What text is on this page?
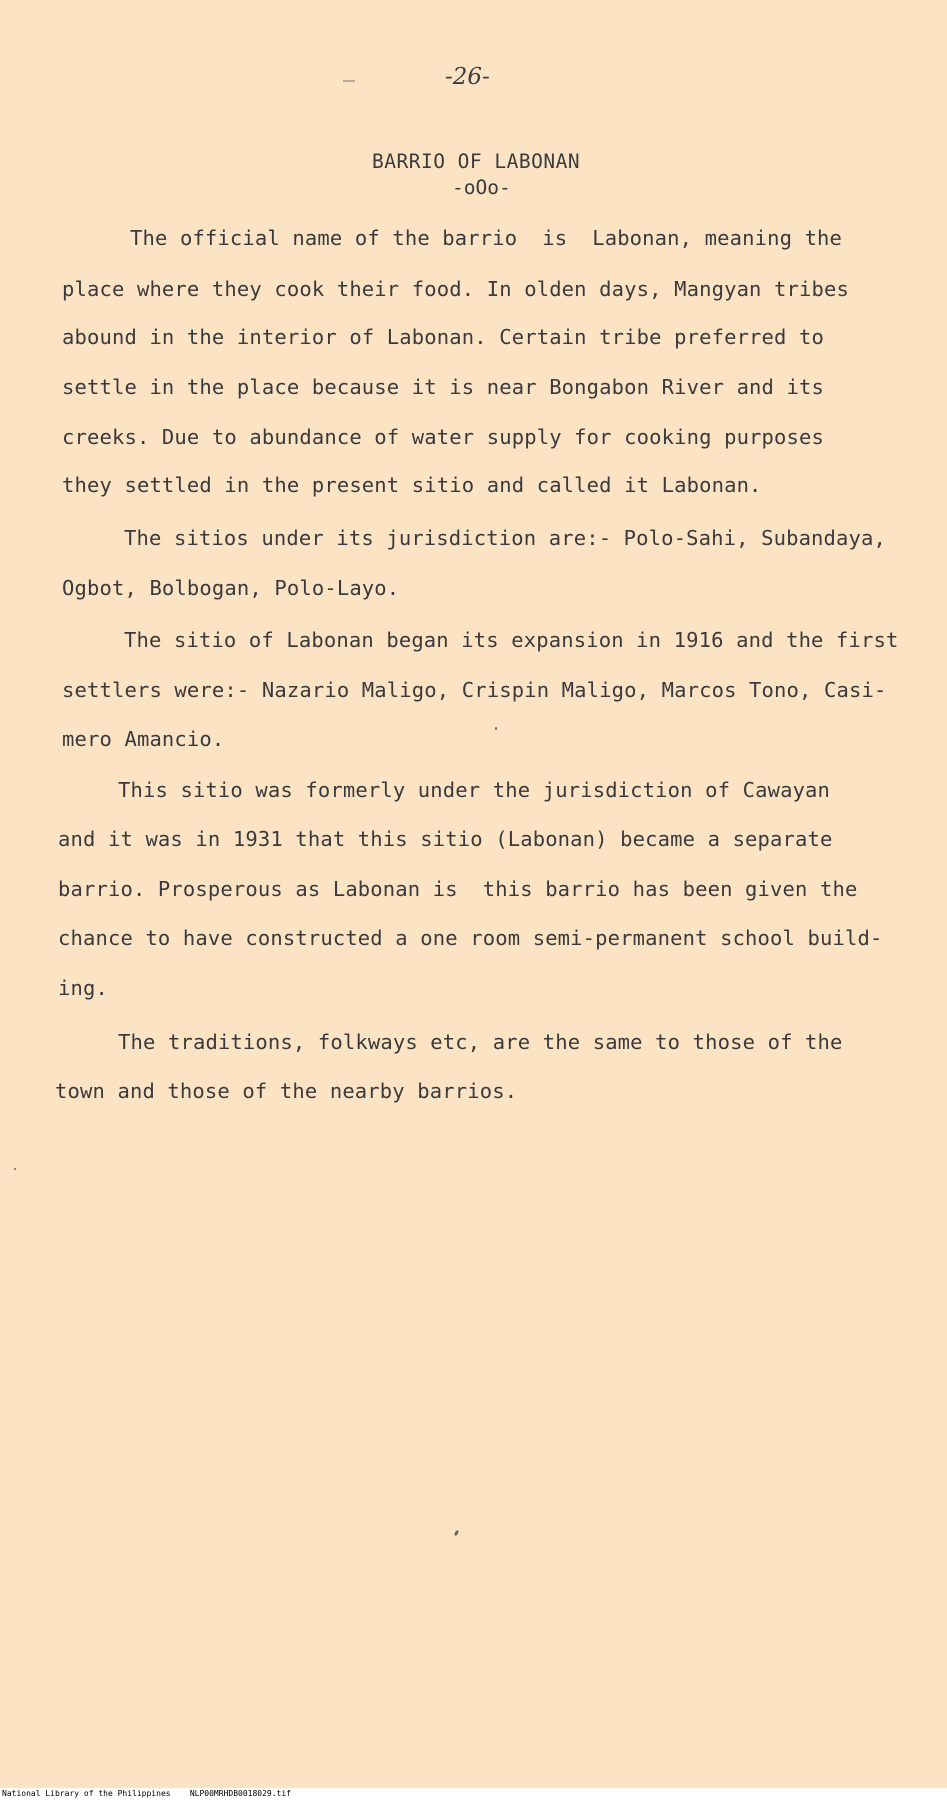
-26-
BARRIO OF LABONAN
-oOo-
The official name of the barrio  is  Labonan, meaning the
place where they cook their food. In olden days, Mangyan tribes
abound in the interior of Labonan. Certain tribe preferred to
settle in the place because it is near Bongabon River and its
creeks. Due to abundance of water supply for cooking purposes
they settled in the present sitio and called it Labonan.
The sitios under its jurisdiction are:- Polo-Sahi, Subandaya,
Ogbot, Bolbogan, Polo-Layo.
The sitio of Labonan began its expansion in 1916 and the first
settlers were:- Nazario Maligo, Crispin Maligo, Marcos Tono, Casi-
mero Amancio.
This sitio was formerly under the jurisdiction of Cawayan
and it was in 1931 that this sitio (Labonan) became a separate
barrio. Prosperous as Labonan is  this barrio has been given the
chance to have constructed a one room semi-permanent school build-
ing.
The traditions, folkways etc, are the same to those of the
town and those of the nearby barrios.
National Library of the Philippines NLP00MRHDB0018029.tif
